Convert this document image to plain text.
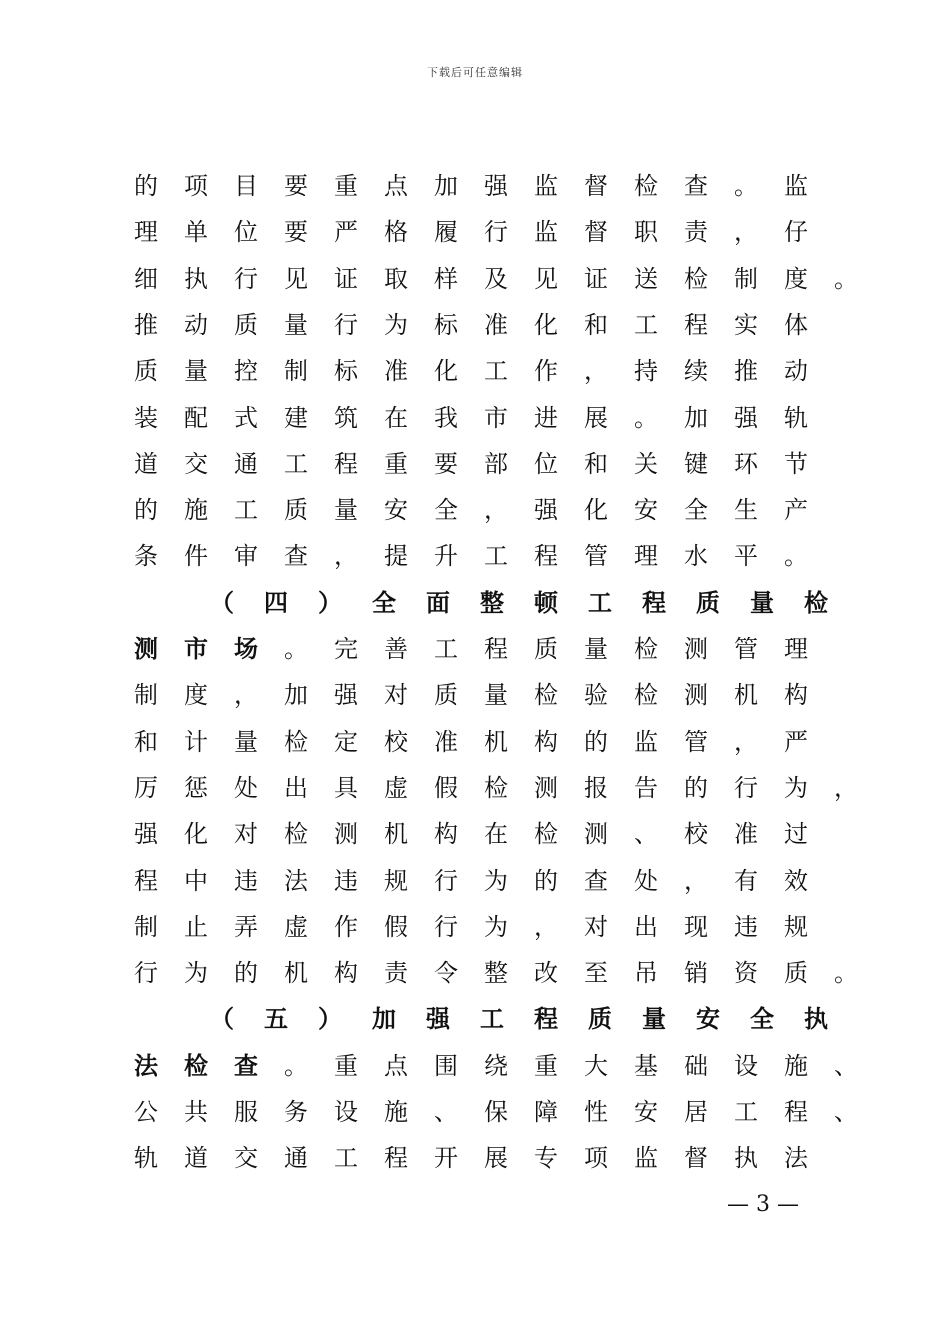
下载后可任意编辑
的 项 目 要 重 点 加 强 监 督 检 查 。 监
理 单 位 要 严 格 履 行 监 督 职 责 ， 仔
细 执 行 见 证 取 样 及 见 证 送 检 制 度 。
推 动 质 量 行 为 标 准 化 和 工 程 实 体
质 量 控 制 标 准 化 工 作 ， 持 续 推 动
装 配 式 建 筑 在 我 市 进 展 。 加 强 轨
道 交 通 工 程 重 要 部 位 和 关 键 环 节
的 施 工 质 量 安 全 ， 强 化 安 全 生 产
条 件 审 查 ， 提 升 工 程 管 理 水 平 。
（ 四 ） 全 面 整 顿 工 程 质 量 检
测 市 场 。 完 善 工 程 质 量 检 测 管 理
制 度 ， 加 强 对 质 量 检 验 检 测 机 构
和 计 量 检 定 校 准 机 构 的 监 管 ， 严
厉 惩 处 出 具 虚 假 检 测 报 告 的 行 为 ，
强 化 对 检 测 机 构 在 检 测 、 校 准 过
程 中 违 法 违 规 行 为 的 查 处 ， 有 效
制 止 弄 虚 作 假 行 为 ， 对 出 现 违 规
行 为 的 机 构 责 令 整 改 至 吊 销 资 质 。
（ 五 ） 加 强 工 程 质 量 安 全 执
法 检 查 。 重 点 围 绕 重 大 基 础 设 施 、
公 共 服 务 设 施 、 保 障 性 安 居 工 程 、
轨 道 交 通 工 程 开 展 专 项 监 督 执 法
— 3 —
